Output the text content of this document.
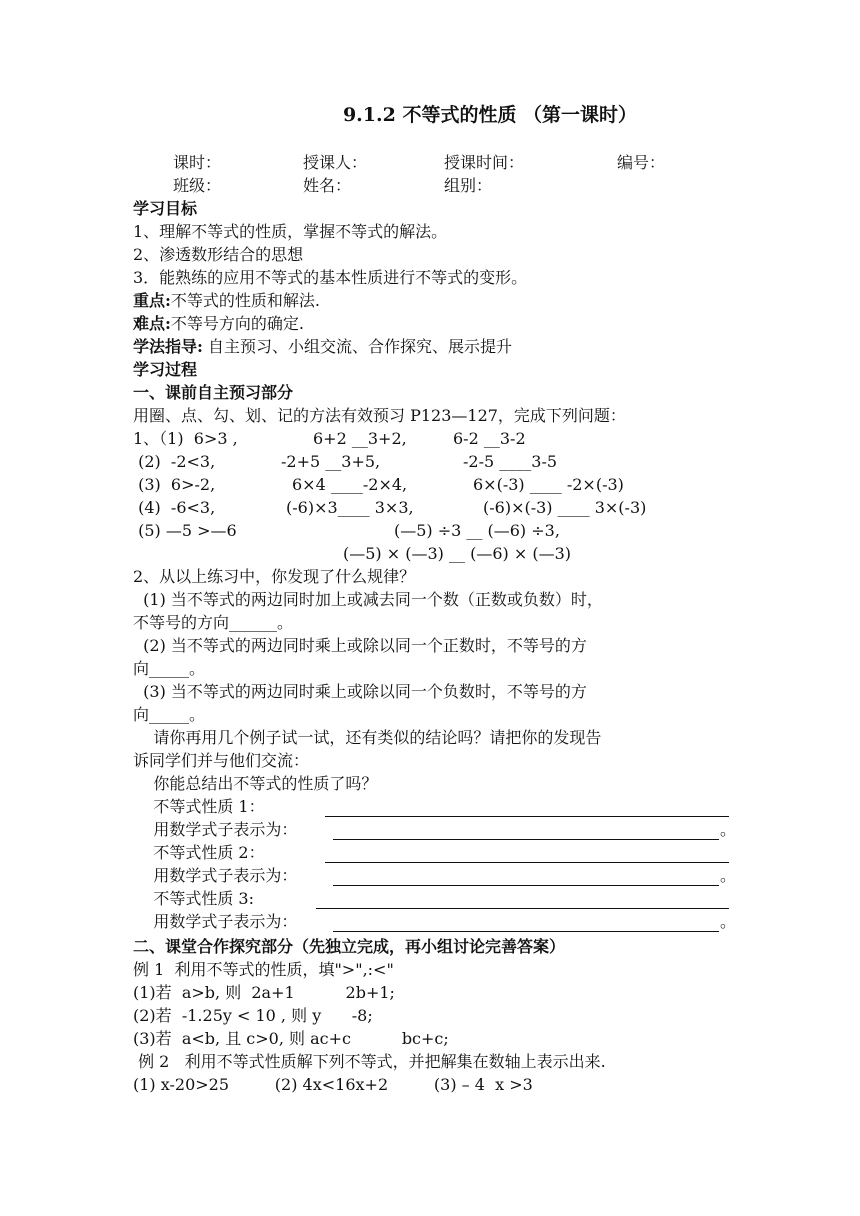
9.1.2 不等式的性质 （第一课时）
课时：	授课人：	授课时间：	编号：
班级：	姓名：	组别：
学习目标
1、理解不等式的性质，掌握不等式的解法。
2、渗透数形结合的思想
3．能熟练的应用不等式的基本性质进行不等式的变形。
重点:不等式的性质和解法.
难点:不等号方向的确定.
学法指导: 自主预习、小组交流、合作探究、展示提升
学习过程
一、课前自主预习部分
用圈、点、勾、划、记的方法有效预习 P123—127，完成下列问题：
1、（1)  6>3 ,	6+2 __3+2,	6-2 __3-2
(2)  -2<3,	-2+5 __3+5,	-2-5 ____3-5
(3)  6>-2,	6×4 ____-2×4,	6×(-3) ____ -2×(-3)
(4)  -6<3,	(-6)×3____ 3×3,	(-6)×(-3) ____ 3×(-3)
(5) —5 >—6	(—5) ÷3 __ (—6) ÷3,
(—5) × (—3) __ (—6) × (—3)
2、从以上练习中，你发现了什么规律？
(1) 当不等式的两边同时加上或减去同一个数（正数或负数）时，
不等号的方向______。
(2) 当不等式的两边同时乘上或除以同一个正数时，不等号的方
向_____。
(3) 当不等式的两边同时乘上或除以同一个负数时，不等号的方
向_____。
请你再用几个例子试一试，还有类似的结论吗？请把你的发现告
诉同学们并与他们交流：
你能总结出不等式的性质了吗？
不等式性质 1：
用数学式子表示为：	。
不等式性质 2：
用数学式子表示为：	。
不等式性质 3:
用数学式子表示为：	。
二、课堂合作探究部分（先独立完成，再小组讨论完善答案）
例 1  利用不等式的性质，填">",:<"
(1)若  a>b, 则  2a+1          2b+1;
(2)若  -1.25y < 10 , 则 y      -8;
(3)若  a<b, 且 c>0, 则 ac+c          bc+c;
例 2   利用不等式性质解下列不等式，并把解集在数轴上表示出来.
(1) x-20>25         (2) 4x<16x+2         (3) – 4  x >3
